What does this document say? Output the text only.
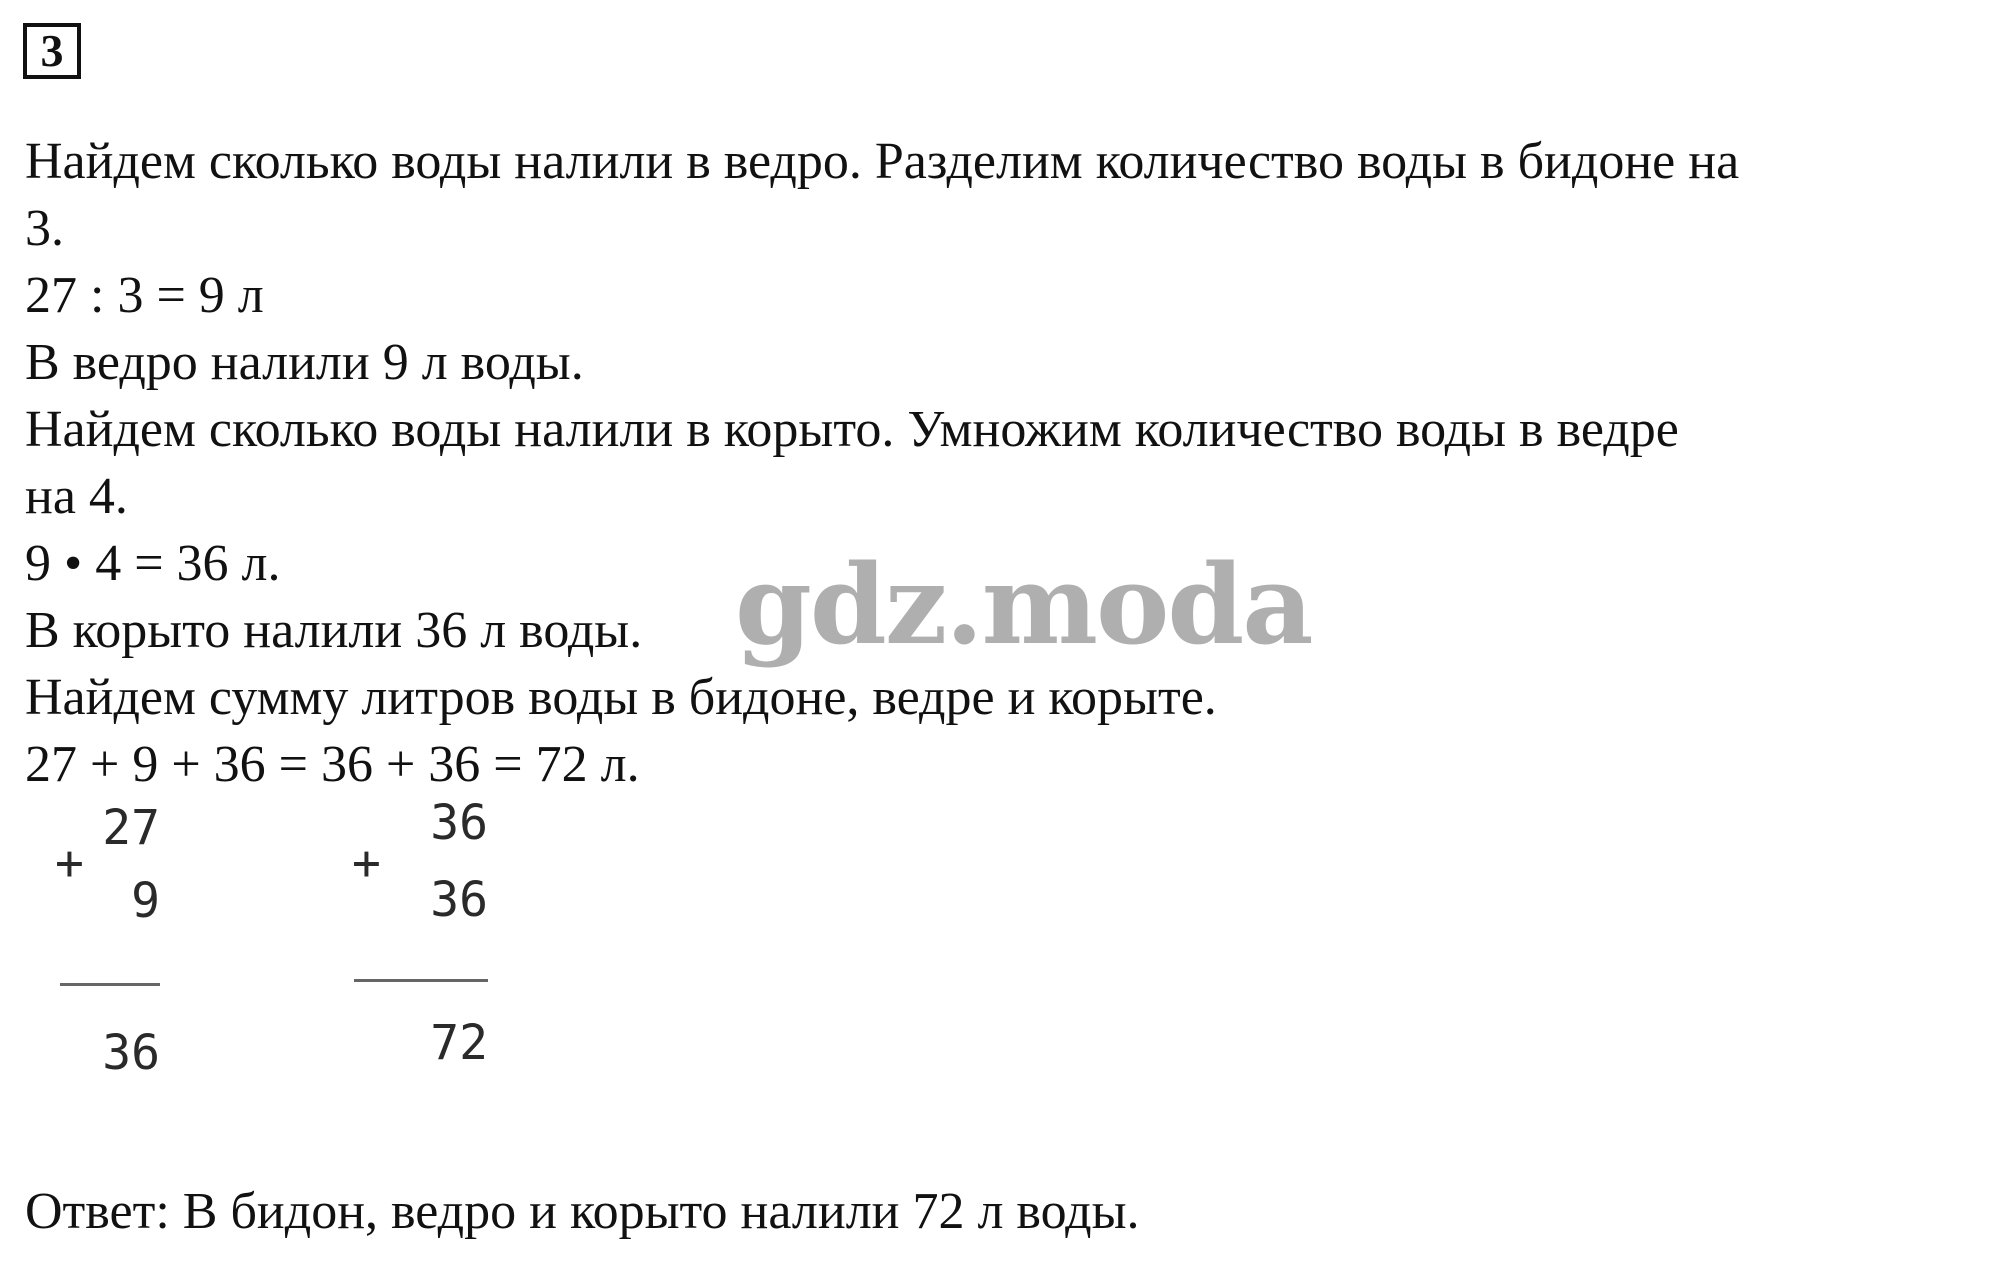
3
Найдем сколько воды налили в ведро. Разделим количество воды в бидоне на
3.
27 : 3 = 9 л
В ведро налили 9 л воды.
Найдем сколько воды налили в корыто. Умножим количество воды в ведре
на 4.
9 • 4 = 36 л.
В корыто налили 36 л воды.
Найдем сумму литров воды в бидоне, ведре и корыте.
27 + 9 + 36 = 36 + 36 = 72 л.
27
+
9
36
+
36
36
72
gdz.moda
Ответ: В бидон, ведро и корыто налили 72 л воды.
